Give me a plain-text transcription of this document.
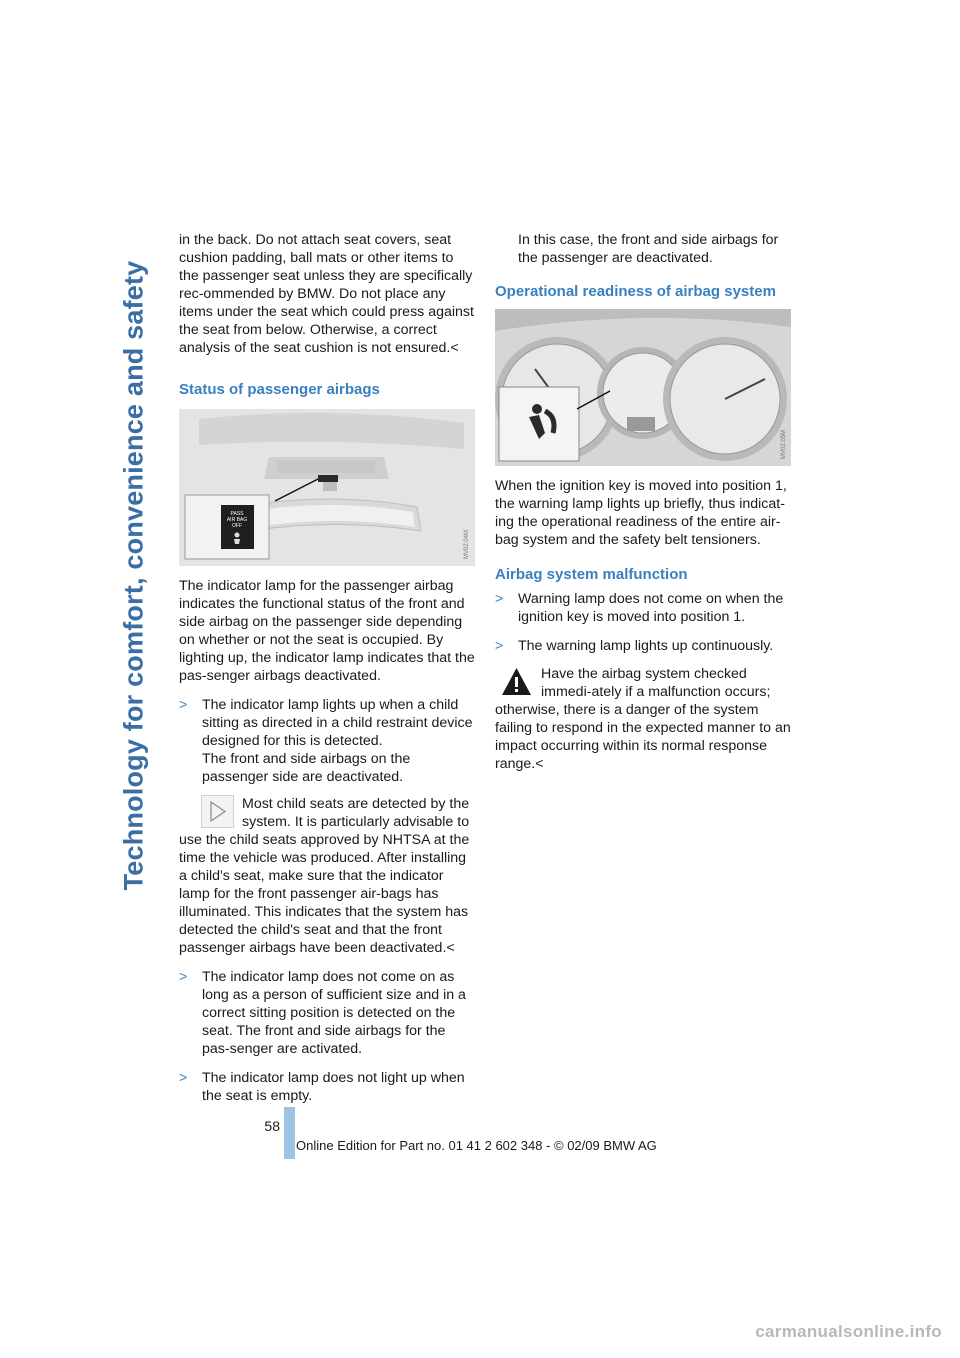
Technology for comfort, convenience and safety

in the back. Do not attach seat covers, seat cushion padding, ball mats or other items to the passenger seat unless they are specifically rec-ommended by BMW. Do not place any items under the seat which could press against the seat from below. Otherwise, a correct analysis of the seat cushion is not ensured.<

Status of passenger airbags
PASS
AIR BAG
OFF
MV02.04M

The indicator lamp for the passenger airbag indicates the functional status of the front and side airbag on the passenger side depending on whether or not the seat is occupied. By lighting up, the indicator lamp indicates that the pas-senger airbags deactivated.

>	The indicator lamp lights up when a child sitting as directed in a child restraint device designed for this is detected.
The front and side airbags on the passenger side are deactivated.
Most child seats are detected by the system. It is particularly advisable to use the child seats approved by NHTSA at the time the vehicle was produced. After installing a child's seat, make sure that the indicator lamp for the front passenger air-bags has illuminated. This indicates that the system has detected the child's seat and that the front passenger airbags have been deactivated.<
>	The indicator lamp does not come on as long as a person of sufficient size and in a correct sitting position is detected on the seat. The front and side airbags for the pas-senger are activated.
>	The indicator lamp does not light up when the seat is empty.
In this case, the front and side airbags for the passenger are deactivated.
Operational readiness of airbag system
MV02.05M

When the ignition key is moved into position 1, the warning lamp lights up briefly, thus indicat-ing the operational readiness of the entire air-bag system and the safety belt tensioners.

Airbag system malfunction
>	Warning lamp does not come on when the ignition key is moved into position 1.
>	The warning lamp lights up continuously.
Have the airbag system checked immedi-ately if a malfunction occurs; otherwise, there is a danger of the system failing to respond in the expected manner to an impact occurring within its normal response range.<
58
Online Edition for Part no. 01 41 2 602 348 - © 02/09 BMW AG
carmanualsonline.info
